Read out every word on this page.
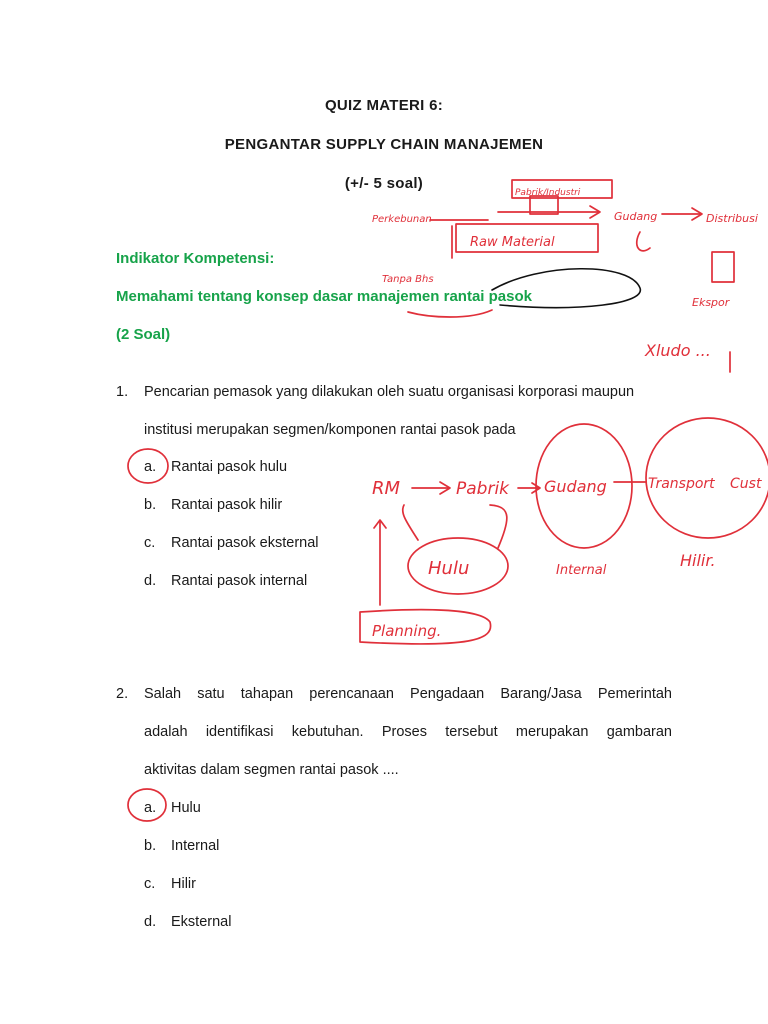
QUIZ MATERI 6:
PENGANTAR SUPPLY CHAIN MANAJEMEN
(+/- 5 soal)
Indikator Kompetensi:
Memahami tentang konsep dasar manajemen rantai pasok
(2 Soal)
1. Pencarian pemasok yang dilakukan oleh suatu organisasi korporasi maupun
institusi merupakan segmen/komponen rantai pasok pada
a. Rantai pasok hulu
b. Rantai pasok hilir
c. Rantai pasok eksternal
d. Rantai pasok internal
2. Salah satu tahapan perencanaan Pengadaan Barang/Jasa Pemerintah
adalah identifikasi kebutuhan. Proses tersebut merupakan gambaran
aktivitas dalam segmen rantai pasok ....
a. Hulu
b. Internal
c. Hilir
d. Eksternal
Pabrik/Industri
Perkebunan	Gudang	Distribusi
Raw Material
Tanpa Bhs
Ekspor
Xludo ...
RM	Pabrik Gudang	Transport Cust
Hulu	Internal
Hilir.
Planning.
